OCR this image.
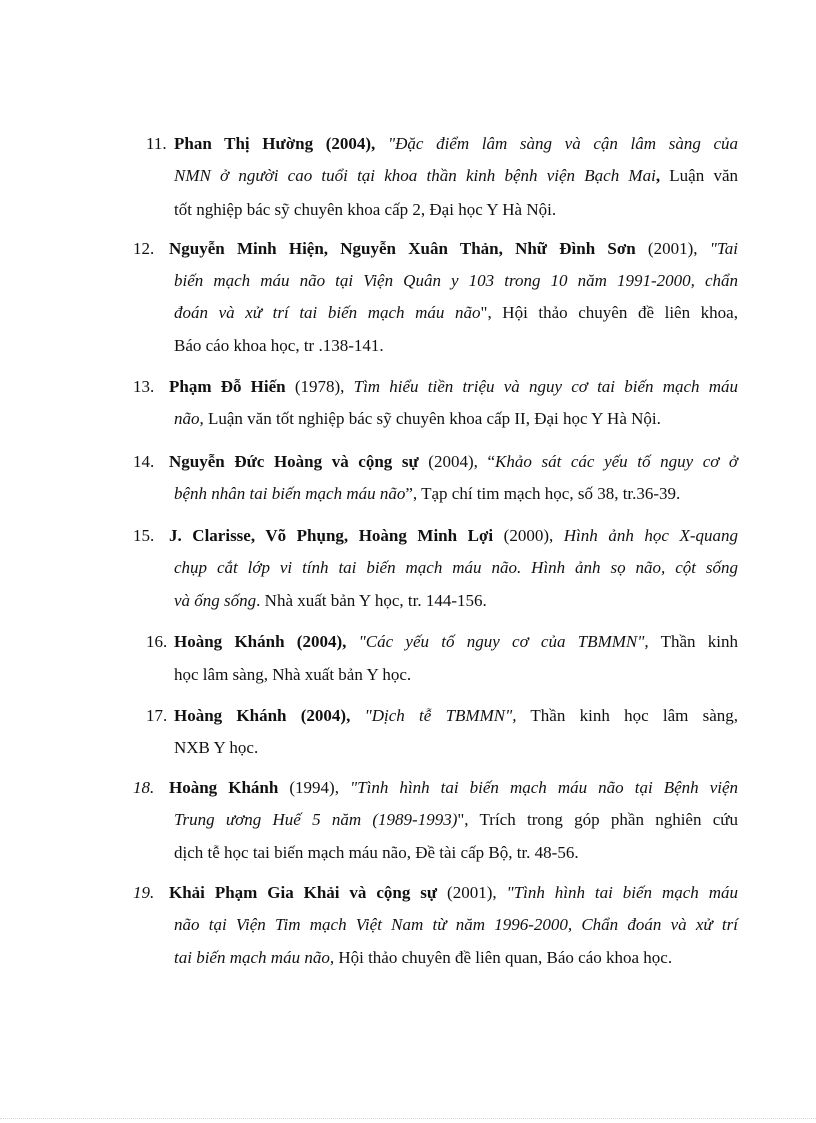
11. Phan Thị Hường (2004), "Đặc điểm lâm sàng và cận lâm sàng của
NMN ở người cao tuổi tại khoa thần kinh bệnh viện Bạch Mai, Luận văn
tốt nghiệp bác sỹ chuyên khoa cấp 2, Đại học Y Hà Nội.
12. Nguyễn Minh Hiện, Nguyễn Xuân Thản, Nhữ Đình Sơn (2001), "Tai
biến mạch máu não tại Viện Quân y 103 trong 10 năm 1991-2000, chẩn
đoán và xử trí tai biến mạch máu não", Hội thảo chuyên đề liên khoa,
Báo cáo khoa học, tr .138-141.
13. Phạm Đỗ Hiến (1978), Tìm hiểu tiền triệu và nguy cơ tai biến mạch máu
não, Luận văn tốt nghiệp bác sỹ chuyên khoa cấp II, Đại học Y Hà Nội.
14. Nguyễn Đức Hoàng và cộng sự (2004), “Khảo sát các yếu tố nguy cơ ở
bệnh nhân tai biến mạch máu não”, Tạp chí tim mạch học, số 38, tr.36-39.
15. J. Clarisse, Võ Phụng, Hoàng Minh Lợi (2000), Hình ảnh học X-quang
chụp cắt lớp vi tính tai biến mạch máu não. Hình ảnh sọ não, cột sống
và ống sống. Nhà xuất bản Y học, tr. 144-156.
16. Hoàng Khánh (2004), "Các yếu tố nguy cơ của TBMMN", Thần kinh
học lâm sàng, Nhà xuất bản Y học.
17. Hoàng Khánh (2004), "Dịch tễ TBMMN", Thần kinh học lâm sàng,
NXB Y học.
18. Hoàng Khánh (1994), "Tình hình tai biến mạch máu não tại Bệnh viện
Trung ương Huế 5 năm (1989-1993)", Trích trong góp phần nghiên cứu
dịch tễ học tai biến mạch máu não, Đề tài cấp Bộ, tr. 48-56.
19. Khải Phạm Gia Khải và cộng sự (2001), "Tình hình tai biến mạch máu
não tại Viện Tim mạch Việt Nam từ năm 1996-2000, Chẩn đoán và xử trí
tai biến mạch máu não, Hội thảo chuyên đề liên quan, Báo cáo khoa học.
